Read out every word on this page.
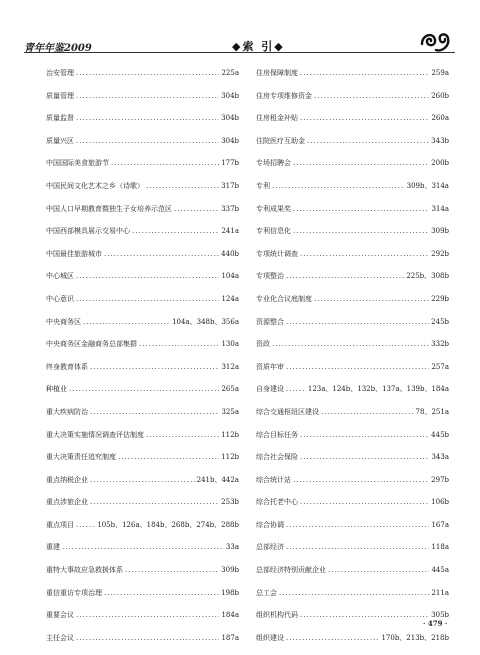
青年年鉴2009	◆索 引◆
治安管理 .....	225a
质量管理 .....	304b
质量监督 .....	304b
质量兴区 .....	304b
中国国际美食旅游节 .....	177b
中国民间文化艺术之乡（诗歌） .....	317b
中国人口早期教育暨独生子女培养示范区 .....	337b
中国西部模具展示交易中心 .....	241a
中国最佳旅游城市 .....	440b
中心城区 .....	104a
中心意识 .....	124a
中央商务区 .....	104a、348b、356a
中央商务区金融商务总部集群 .....	130a
终身教育体系 .....	312a
种植业 .....	265a
重大疾病防治 .....	325a
重大决策实施情况调查评估制度 .....	112b
重大决策责任追究制度 .....	112b
重点纳税企业 .....	241b、442a
重点涉旅企业 .....	253b
重点项目 .....	105b、126a、184b、268b、274b、288b
重建 .....	33a
重特大事故应急救援体系 .....	309b
重信重访专项治理 .....	198b
重要会议 .....	184a
主任会议 .....	187a
住房保障制度 .....	259a
住房专项维修资金 .....	260b
住房租金补贴 .....	260a
住院医疗互助金 .....	343b
专场招聘会 .....	200b
专利 .....	309b、314a
专利成果奖 .....	314a
专利信息化 .....	309b
专项统计调查 .....	292b
专项整治 .....	225b、308b
专业化合议庭制度 .....	229b
资源整合 .....	245b
资政 .....	332b
资质年审 .....	257a
自身建设 .....	123a、124b、132b、137a、139b、184a
综合交通枢纽区建设 .....	78、251a
综合目标任务 .....	445b
综合社会保险 .....	343a
综合统计站 .....	297b
综合托老中心 .....	106b
综合协调 .....	167a
总部经济 .....	118a
总部经济特别贡献企业 .....	445a
总工会 .....	211a
组织机构代码 .....	305b
组织建设 .....	170b、213b、218b
· 479 ·
